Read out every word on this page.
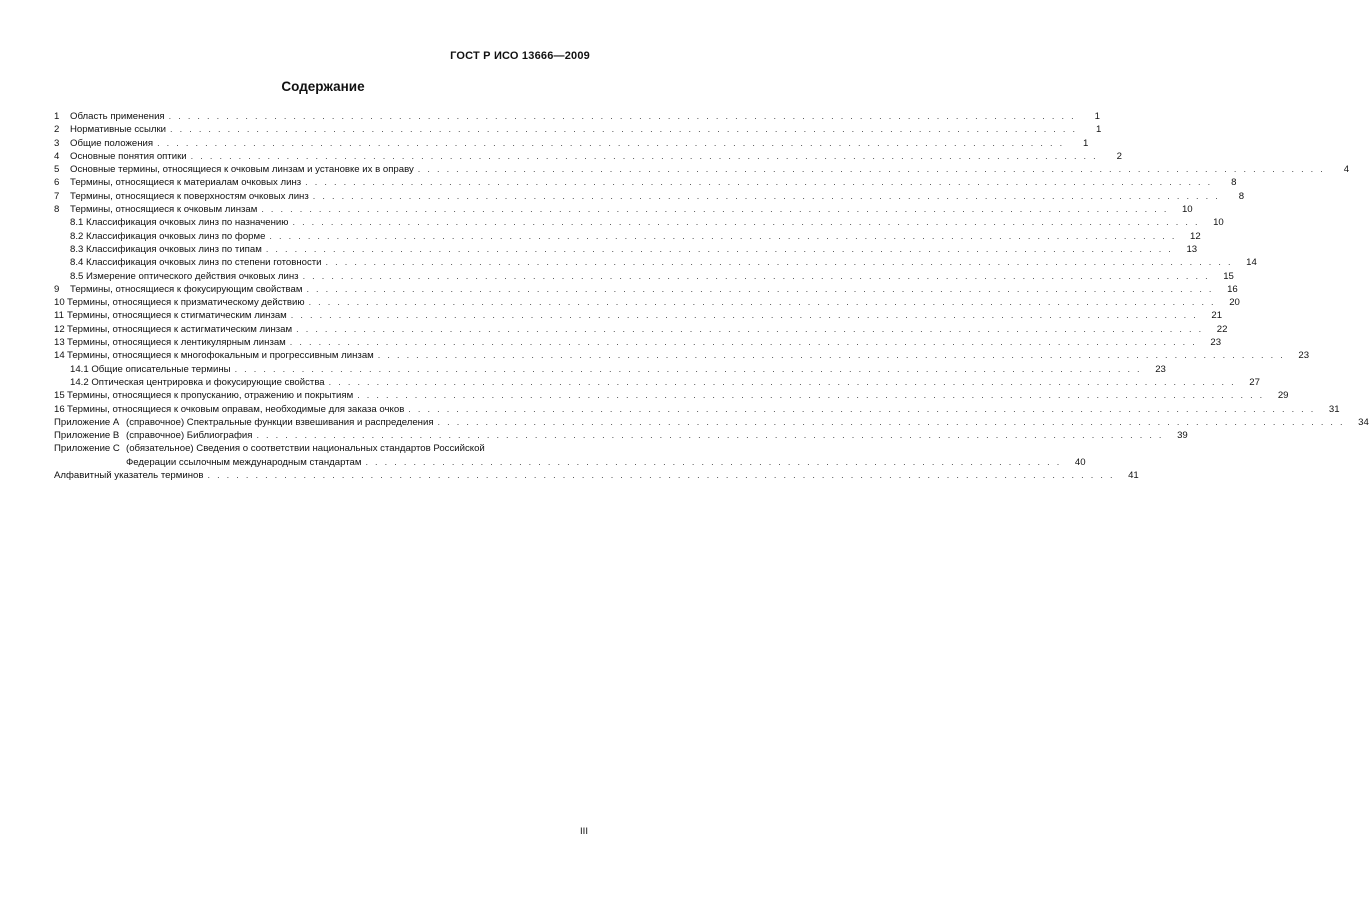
ГОСТ Р ИСО 13666—2009
Содержание
1	Область применения . . .	1
2	Нормативные ссылки . . .	1
3	Общие положения . . .	1
4	Основные понятия оптики . . .	2
5	Основные термины, относящиеся к очковым линзам и установке их в оправу . . .	4
6	Термины, относящиеся к материалам очковых линз . . .	8
7	Термины, относящиеся к поверхностям очковых линз . . .	8
8	Термины, относящиеся к очковым линзам . . .	10
8.1 Классификация очковых линз по назначению . . .	10
8.2 Классификация очковых линз по форме . . .	12
8.3 Классификация очковых линз по типам . . .	13
8.4 Классификация очковых линз по степени готовности . . .	14
8.5 Измерение оптического действия очковых линз . . .	15
9	Термины, относящиеся к фокусирующим свойствам . . .	16
10 Термины, относящиеся к призматическому действию . . .	20
11 Термины, относящиеся к стигматическим линзам . . .	21
12 Термины, относящиеся к астигматическим линзам . . .	22
13 Термины, относящиеся к лентикулярным линзам . . .	23
14 Термины, относящиеся к многофокальным и прогрессивным линзам . . .	23
14.1 Общие описательные термины . . .	23
14.2 Оптическая центрировка и фокусирующие свойства . . .	27
15 Термины, относящиеся к пропусканию, отражению и покрытиям . . .	29
16 Термины, относящиеся к очковым оправам, необходимые для заказа очков . . .	31
Приложение А (справочное) Спектральные функции взвешивания и распределения . . .	34
Приложение В (справочное) Библиография . . .	39
Приложение С (обязательное) Сведения о соответствии национальных стандартов Российской
Федерации ссылочным международным стандартам . . .	40
Алфавитный указатель терминов . . .	41
III
